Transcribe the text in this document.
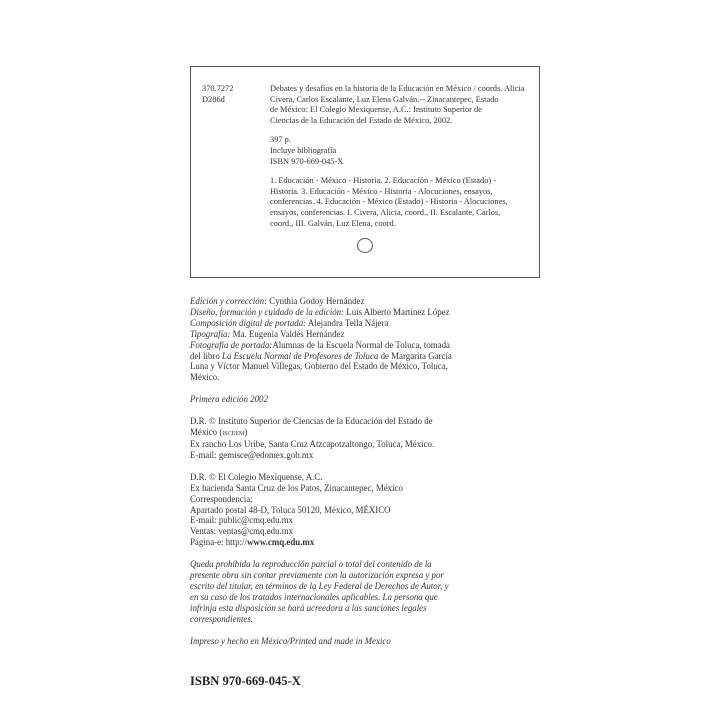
370.7272
D286d
Debates y desafíos en la historia de la Educación en México / coords. Alicia
Civera, Carlos Escalante, Luz Elena Galván.-- Zinacantepec, Estado
de México: El Colegio Mexiquense, A.C.: Instituto Superior de
Ciencias de la Educación del Estado de México, 2002.
397 p.
Incluye bibliografía
ISBN 970-669-045-X
1. Educación - México - Historia. 2. Educación - México (Estado) -
Historia. 3. Educación - México - Historia - Alocuciones, ensayos,
conferencias. 4. Educación - México (Estado) - Historia - Alocuciones,
ensayos, conferencias. I. Civera, Alicia, coord., II. Escalante, Carlos,
coord., III. Galván, Luz Elena, coord.
Edición y corrección: Cynthia Godoy Hernández
Diseño, formación y cuidado de la edición: Luis Alberto Martínez López
Composición digital de portada: Alejandra Tella Nájera
Tipografía: Ma. Eugenia Valdés Hernández
Fotografía de portada:Alumnas de la Escuela Normal de Toluca, tomada
del libro La Escuela Normal de Profesores de Toluca de Margarita García
Luna y Víctor Manuel Villegas, Gobierno del Estado de México, Toluca,
México.
Primera edición 2002
D.R. © Instituto Superior de Ciencias de la Educación del Estado de
México (isceem)
Ex rancho Los Uribe, Santa Cruz Atzcapotzaltongo, Toluca, México.
E-mail: gemisce@edomex.gob.mx
D.R. © El Colegio Mexiquense, A.C.
Ex hacienda Santa Cruz de los Patos, Zinacantepec, México
Correspondencia:
Apartado postal 48-D, Toluca 50120, México, MÉXICO
E-mail: public@cmq.edu.mx
Ventas: ventas@cmq.edu.mx
Página-e: http://www.cmq.edu.mx
Queda prohibida la reproducción parcial o total del contenido de la
presente obra sin contar previamente con la autorización expresa y por
escrito del titular, en términos de la Ley Federal de Derechos de Autor, y
en su caso de los tratados internacionales aplicables. La persona que
infrinja esta disposición se hará acreedora a las sanciones legales
correspondientes.
Impreso y hecho en México/Printed and made in Mexico
ISBN 970-669-045-X
